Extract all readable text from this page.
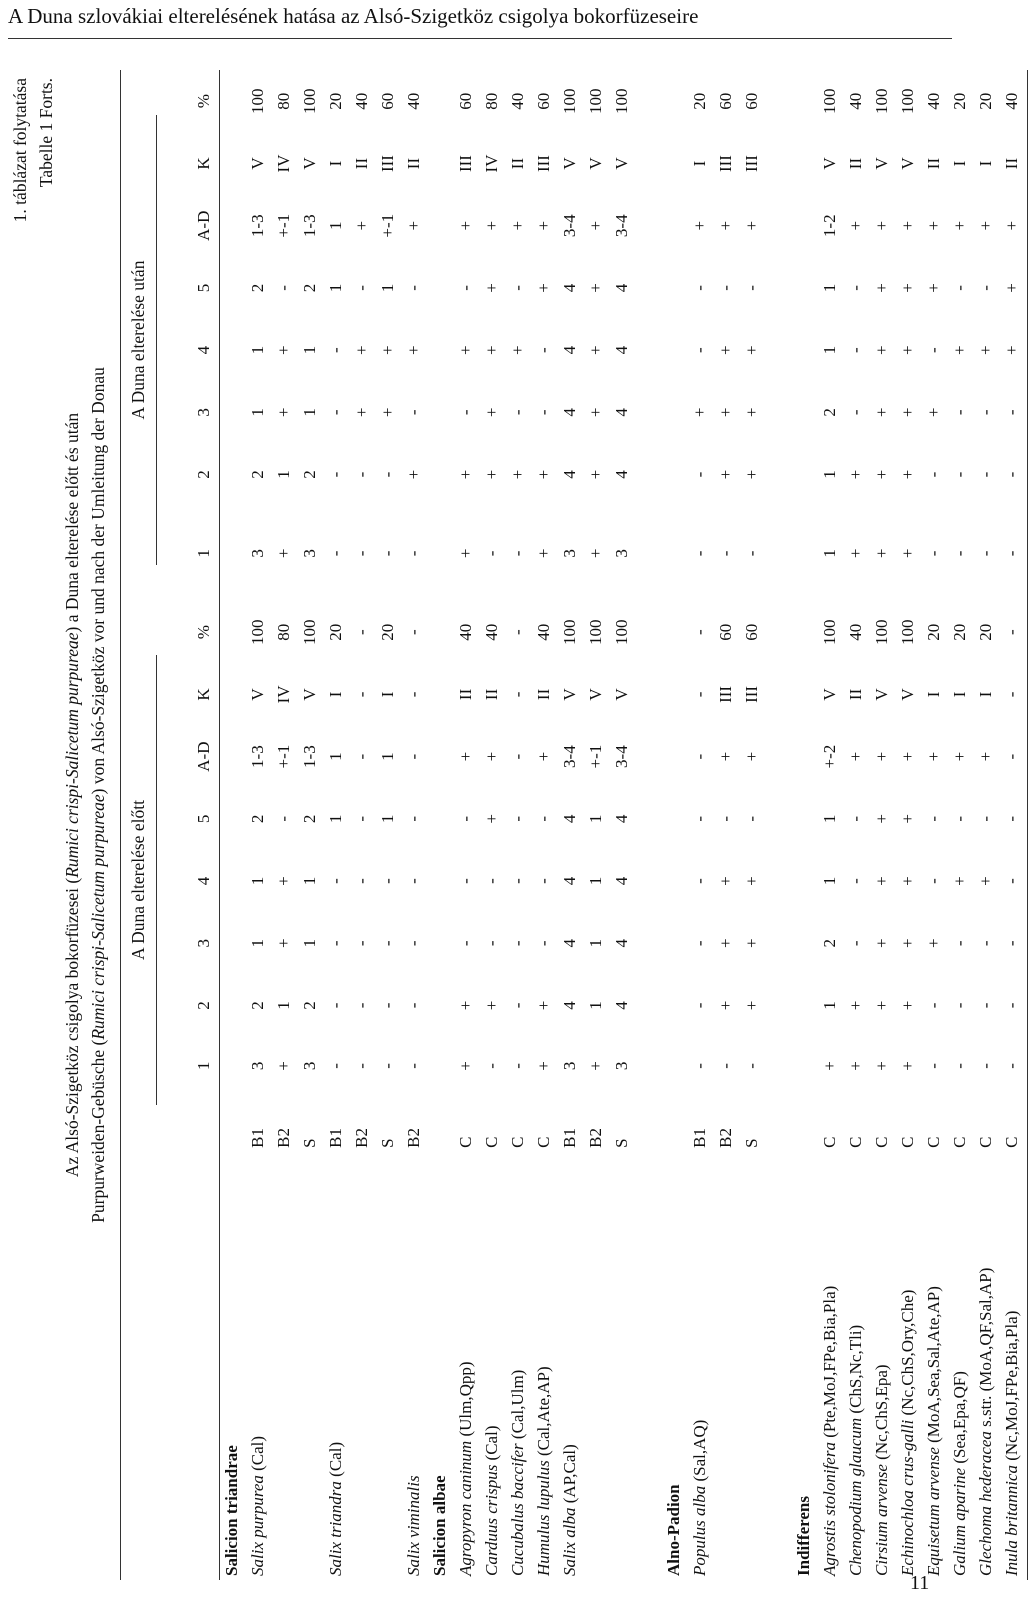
A Duna szlovákiai elterelésének hatása az Alsó-Szigetköz csigolya bokorfüzeseire
1. táblázat folytatása Tabelle 1 Forts.
Az Alsó-Szigetköz csigolya bokorfüzesei (Rumici crispi-Salicetum purpureae) a Duna elterelése előtt és után
Purpurweiden-Gebüsche (Rumici crispi-Salicetum purpureae) von Alsó-Szigetköz vor und nach der Umleitung der Donau
A Duna elterelése előtt
A Duna elterelése után
		1	2	3	4	5	A-D	K	%	1	2	3	4	5	A-D	K	%
Salicion triandrae																	
Salix purpurea (Cal)	B1	3	2	1	1	2	1-3	V	100	3	2	1	1	2	1-3	V	100
	B2	+	1	+	+	-	+-1	IV	80	+	1	+	+	-	+-1	IV	80
	S	3	2	1	1	2	1-3	V	100	3	2	1	1	2	1-3	V	100
Salix triandra (Cal)	B1	-	-	-	-	1	1	I	20	-	-	-	-	1	1	I	20
	B2	-	-	-	-	-	-	-	-	-	-	+	+	-	+	II	40
	S	-	-	-	-	1	1	I	20	-	-	+	+	1	+-1	III	60
Salix viminalis	B2	-	-	-	-	-	-	-	-	-	+	-	+	-	+	II	40
Salicion albae																	
Agropyron caninum (Ulm,Qpp)	C	+	+	-	-	-	+	II	40	+	+	-	+	-	+	III	60
Carduus crispus (Cal)	C	-	+	-	-	+	+	II	40	-	+	+	+	+	+	IV	80
Cucubalus baccifer (Cal,Ulm)	C	-	-	-	-	-	-	-	-	-	+	-	+	-	+	II	40
Humulus lupulus (Cal,Ate,AP)	C	+	+	-	-	-	+	II	40	+	+	-	-	+	+	III	60
Salix alba (AP,Cal)	B1	3	4	4	4	4	3-4	V	100	3	4	4	4	4	3-4	V	100
	B2	+	1	1	1	1	+-1	V	100	+	+	+	+	+	+	V	100
	S	3	4	4	4	4	3-4	V	100	3	4	4	4	4	3-4	V	100

Alno-Padion																	
Populus alba (Sal,AQ)	B1	-	-	-	-	-	-	-	-	-	-	+	-	-	+	I	20
	B2	-	+	+	+	-	+	III	60	-	+	+	+	-	+	III	60
	S	-	+	+	+	-	+	III	60	-	+	+	+	-	+	III	60

Indifferens																	
Agrostis stolonifera (Pte,MoJ,FPe,Bia,Pla)	C	+	1	2	1	1	+-2	V	100	1	1	2	1	1	1-2	V	100
Chenopodium glaucum (ChS,Nc,Tli)	C	+	+	-	-	-	+	II	40	+	+	-	-	-	+	II	40
Cirsium arvense (Nc,ChS,Epa)	C	+	+	+	+	+	+	V	100	+	+	+	+	+	+	V	100
Echinochloa crus-galli (Nc,ChS,Ory,Che)	C	+	+	+	+	+	+	V	100	+	+	+	+	+	+	V	100
Equisetum arvense (MoA,Sea,Sal,Ate,AP)	C	-	-	+	-	-	+	I	20	-	-	+	-	+	+	II	40
Galium aparine (Sea,Epa,QF)	C	-	-	-	+	-	+	I	20	-	-	-	+	-	+	I	20
Glechoma hederacea s.str. (MoA,QF,Sal,AP)	C	-	-	-	+	-	+	I	20	-	-	-	+	-	+	I	20
Inula britannica (Nc,MoJ,FPe,Bia,Pla)	C	-	-	-	-	-	-	-	-	-	-	-	+	+	+	II	40
11
